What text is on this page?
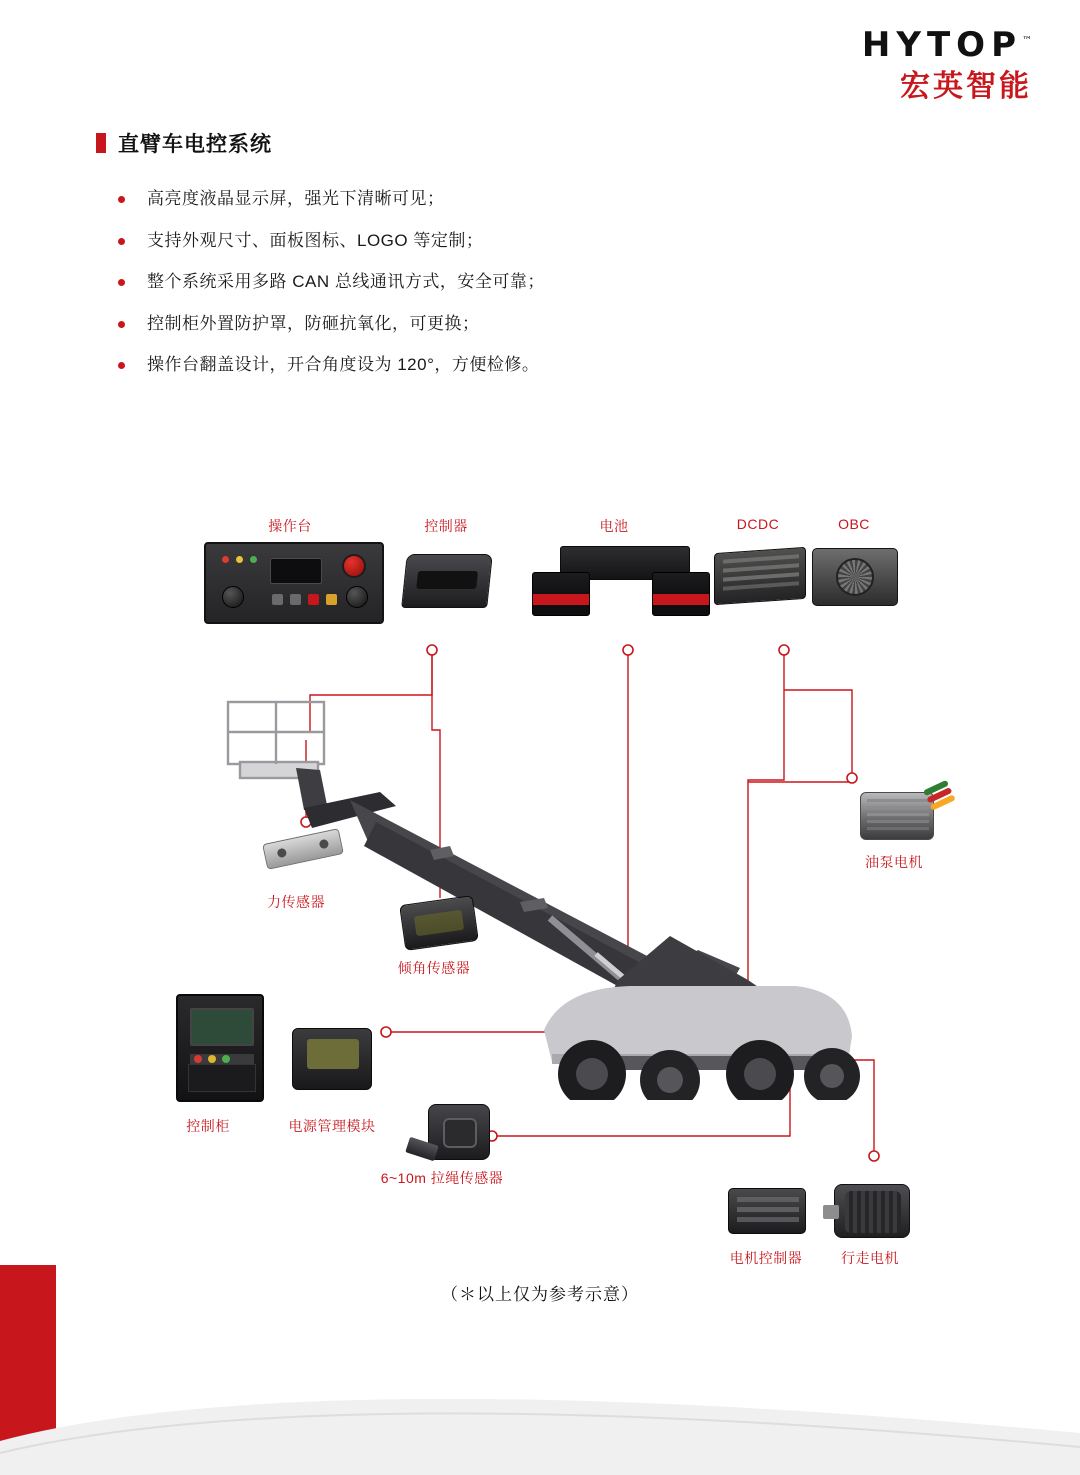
HYTOP™
宏英智能
直臂车电控系统
高亮度液晶显示屏，强光下清晰可见；
支持外观尺寸、面板图标、LOGO 等定制；
整个系统采用多路 CAN 总线通讯方式，安全可靠；
控制柜外置防护罩，防砸抗氧化，可更换；
操作台翻盖设计，开合角度设为 120°，方便检修。
操作台	控制器	电池	DCDC	OBC
油泵电机
力传感器
倾角传感器
控制柜	电源管理模块
6~10m 拉绳传感器
电机控制器	行走电机
（＊以上仅为参考示意）
